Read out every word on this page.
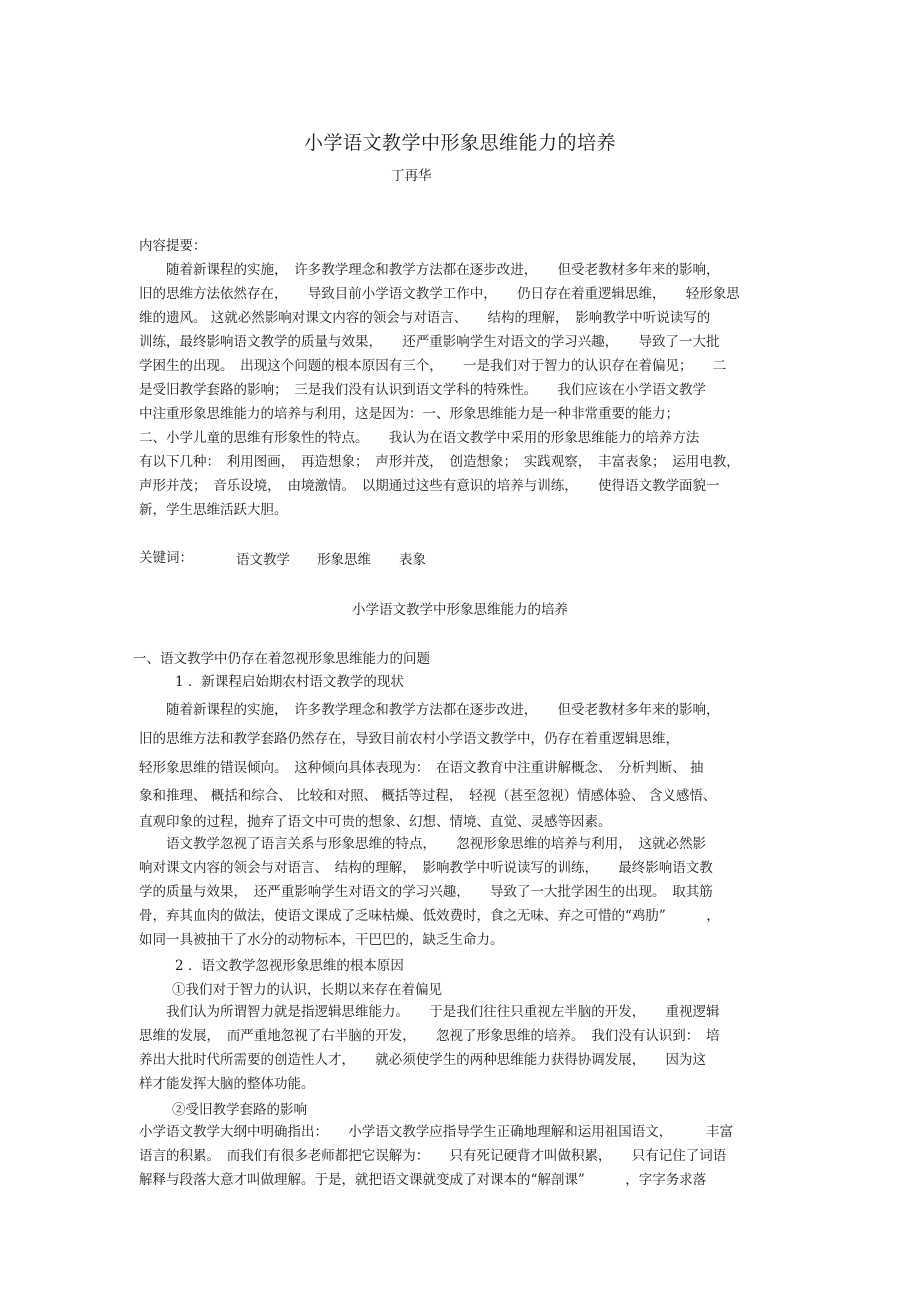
小学语文教学中形象思维能力的培养
丁再华
内容提要：
　　随着新课程的实施，　许多教学理念和教学方法都在逐步改进，　　但受老教材多年来的影响，
旧的思维方法依然存在，　　导致目前小学语文教学工作中，　　仍日存在着重逻辑思维，　　轻形象思
维的遗风。 这就必然影响对课文内容的领会与对语言、　　结构的理解，　影响教学中听说读写的
训练，最终影响语文教学的质量与效果，　　还严重影响学生对语文的学习兴趣，　　导致了一大批
学困生的出现。　出现这个问题的根本原因有三个，　　一是我们对于智力的认识存在着偏见；　　二
是受旧教学套路的影响；　三是我们没有认识到语文学科的特殊性。　　我们应该在小学语文教学
中注重形象思维能力的培养与利用，这是因为：一、形象思维能力是一种非常重要的能力；
二、小学儿童的思维有形象性的特点。　　我认为在语文教学中采用的形象思维能力的培养方法
有以下几种：　利用图画，　再造想象；　声形并茂，　创造想象；　实践观察，　丰富表象；　运用电教，
声形并茂；　音乐设境，　由境激情。　以期通过这些有意识的培养与训练，　　使得语文教学面貌一
新，学生思维活跃大胆。
关键词：	语文教学 形象思维 表象
小学语文教学中形象思维能力的培养
一、语文教学中仍存在着忽视形象思维能力的问题
1 ．新课程启始期农村语文教学的现状
　　随着新课程的实施，　许多教学理念和教学方法都在逐步改进，　　但受老教材多年来的影响，
旧的思维方法和教学套路仍然存在，导致目前农村小学语文教学中，仍存在着重逻辑思维，
轻形象思维的错误倾向。　这种倾向具体表现为：　在语文教育中注重讲解概念、　分析判断、 抽
象和推理、 概括和综合、 比较和对照、 概括等过程，　轻视（甚至忽视）情感体验、 含义感悟、
直观印象的过程，抛弃了语文中可贵的想象、幻想、情境、直觉、灵感等因素。
　　语文教学忽视了语言关系与形象思维的特点，　　忽视形象思维的培养与利用，　这就必然影
响对课文内容的领会与对语言、　结构的理解，　影响教学中听说读写的训练，　　最终影响语文教
学的质量与效果，　还严重影响学生对语文的学习兴趣，　　导致了一大批学困生的出现。　取其筋
骨，弃其血肉的做法，使语文课成了乏味枯燥、低效费时，食之无味、弃之可惜的“鸡肋”　　　，
如同一具被抽干了水分的动物标本，干巴巴的，缺乏生命力。
2 ．语文教学忽视形象思维的根本原因
①我们对于智力的认识，长期以来存在着偏见
　　我们认为所谓智力就是指逻辑思维能力。　　于是我们往往只重视左半脑的开发，　　重视逻辑
思维的发展，　而严重地忽视了右半脑的开发，　　忽视了形象思维的培养。　我们没有认识到：　培
养出大批时代所需要的创造性人才，　　就必须使学生的两种思维能力获得协调发展，　　因为这
样才能发挥大脑的整体功能。
②受旧教学套路的影响
小学语文教学大纲中明确指出：　　小学语文教学应指导学生正确地理解和运用祖国语文，　　　丰富
语言的积累。　而我们有很多老师都把它误解为：　　只有死记硬背才叫做积累，　　只有记住了词语
解释与段落大意才叫做理解。于是，就把语文课就变成了对课本的“解剖课”　　　，字字务求落
